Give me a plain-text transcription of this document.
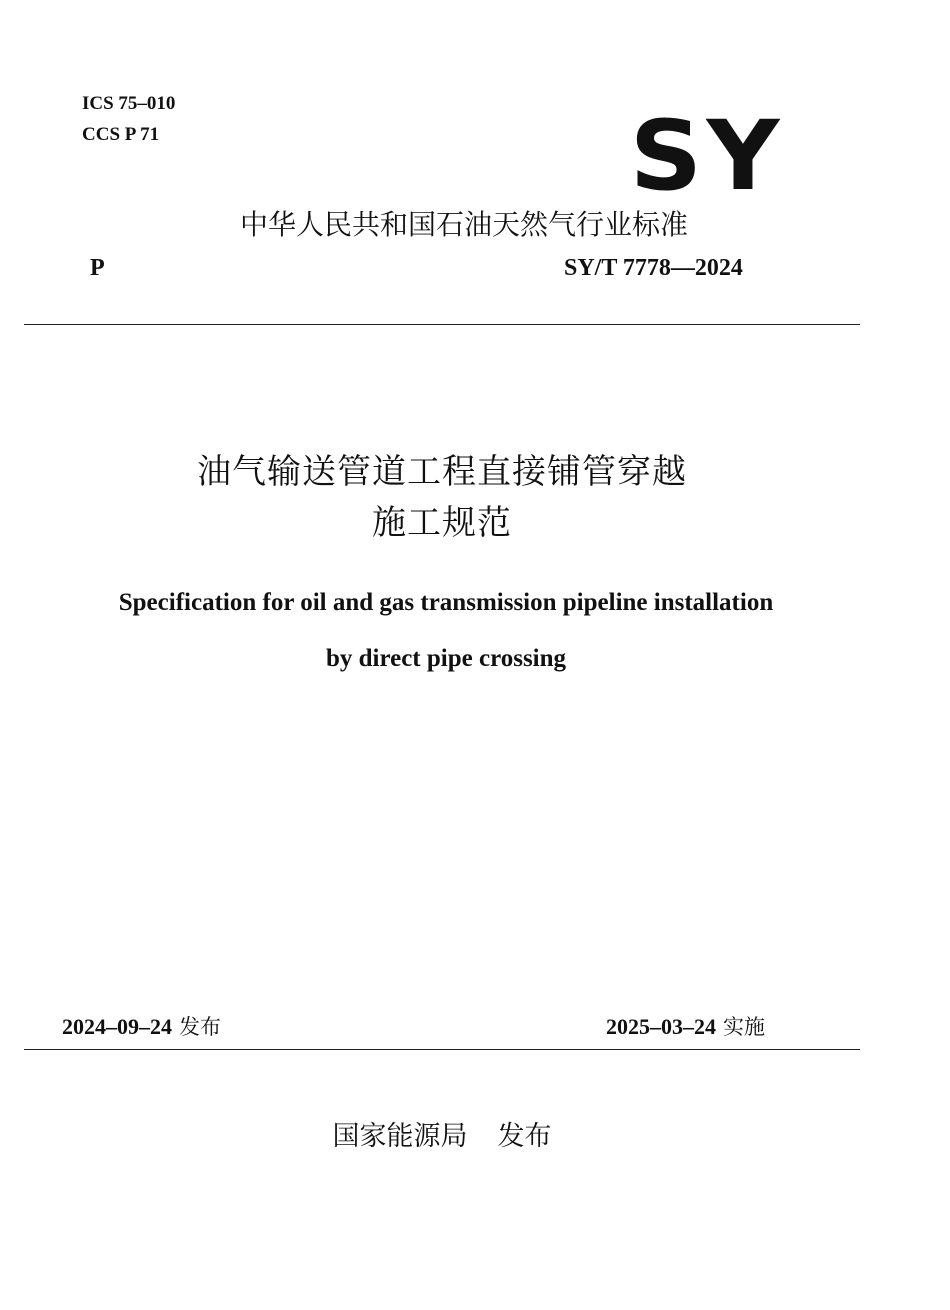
ICS 75–010
CCS P 71	SY
中华人民共和国石油天然气行业标准
P	SY/T 7778—2024
油气输送管道工程直接铺管穿越
施工规范
Specification for oil and gas transmission pipeline installation
by direct pipe crossing
2024–09–24 发布	2025–03–24 实施
国家能源局 发布
